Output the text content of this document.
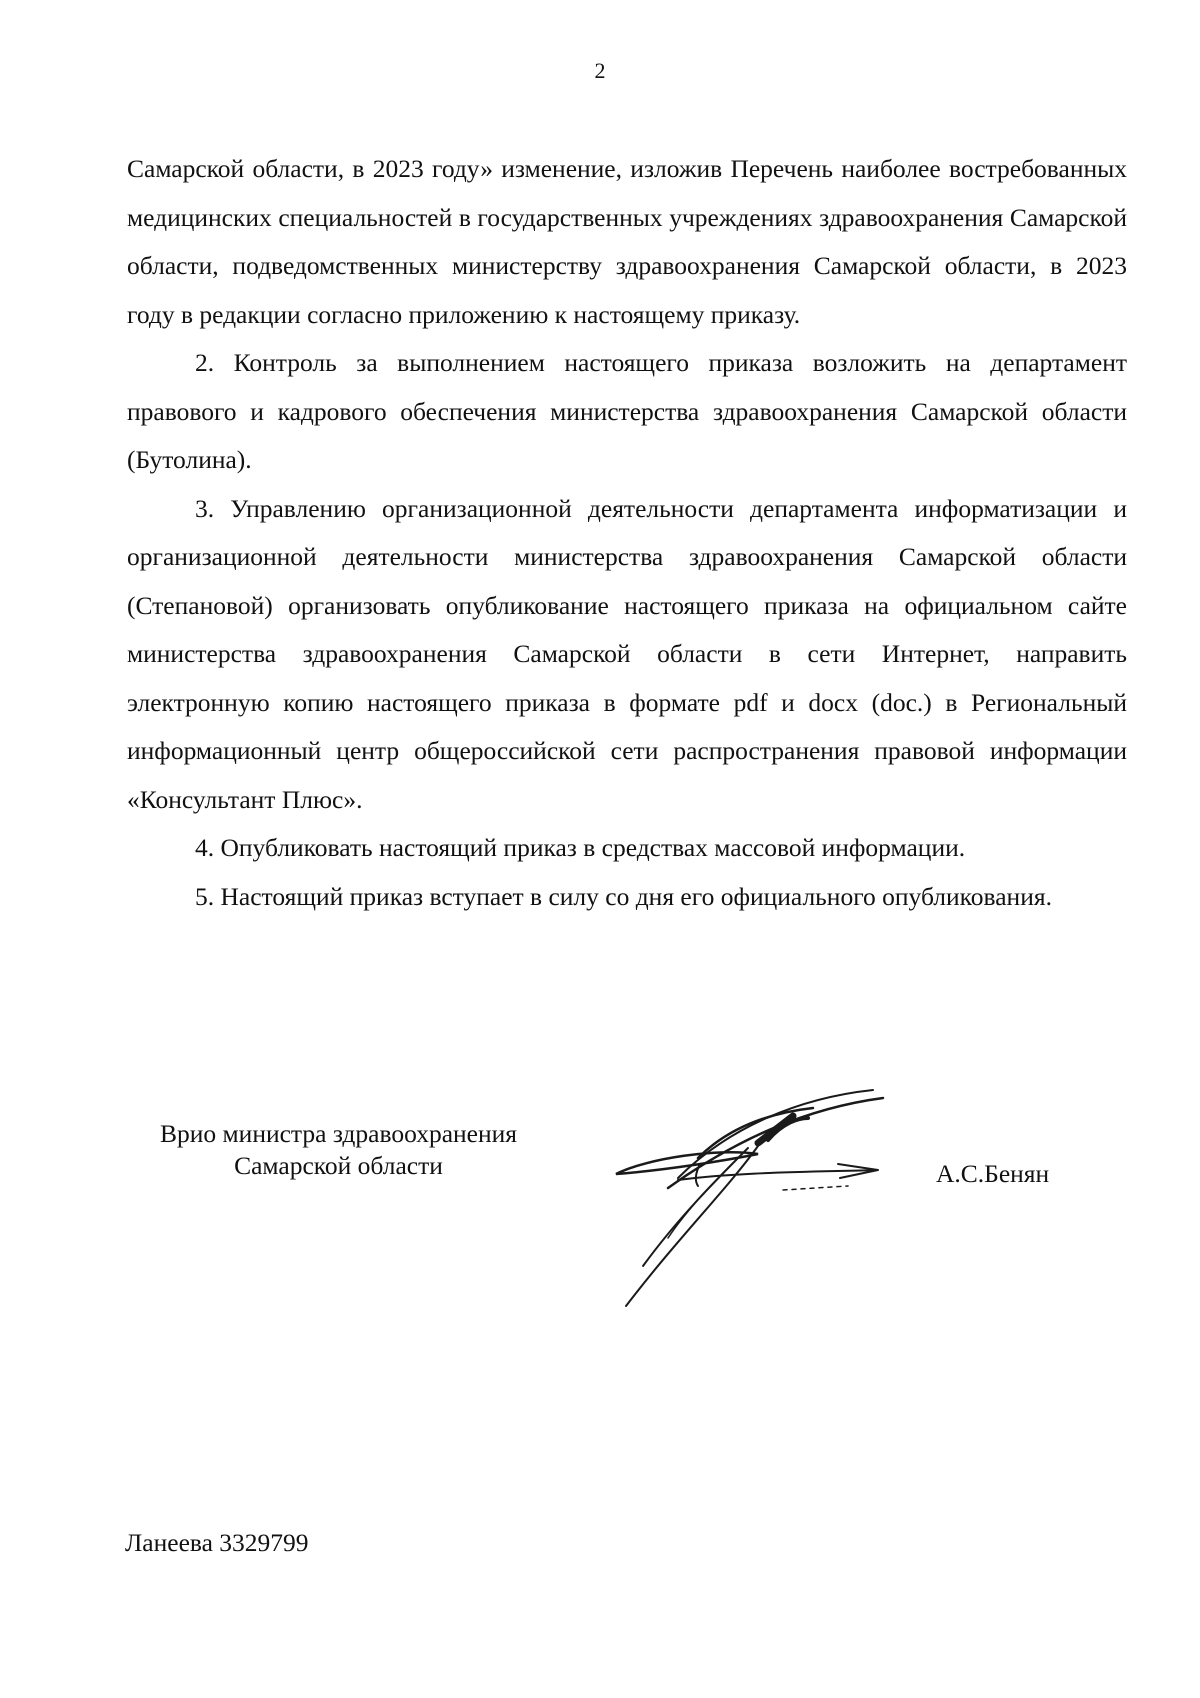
2

Самарской области, в 2023 году» изменение, изложив Перечень наиболее востребованных медицинских специальностей в государственных учреждениях здравоохранения Самарской области, подведомственных министерству здравоохранения Самарской области, в 2023 году в редакции согласно приложению к настоящему приказу.

2. Контроль за выполнением настоящего приказа возложить на департамент правового и кадрового обеспечения министерства здравоохранения Самарской области (Бутолина).

3. Управлению организационной деятельности департамента информатизации и организационной деятельности министерства здравоохранения Самарской области (Степановой) организовать опубликование настоящего приказа на официальном сайте министерства здравоохранения Самарской области в сети Интернет, направить электронную копию настоящего приказа в формате pdf и docx (doc.) в Региональный информационный центр общероссийской сети распространения правовой информации «Консультант Плюс».

4. Опубликовать настоящий приказ в средствах массовой информации.

5. Настоящий приказ вступает в силу со дня его официального опубликования.

Врио министра здравоохранения
Самарской области	А.С.Бенян
Ланеева 3329799
